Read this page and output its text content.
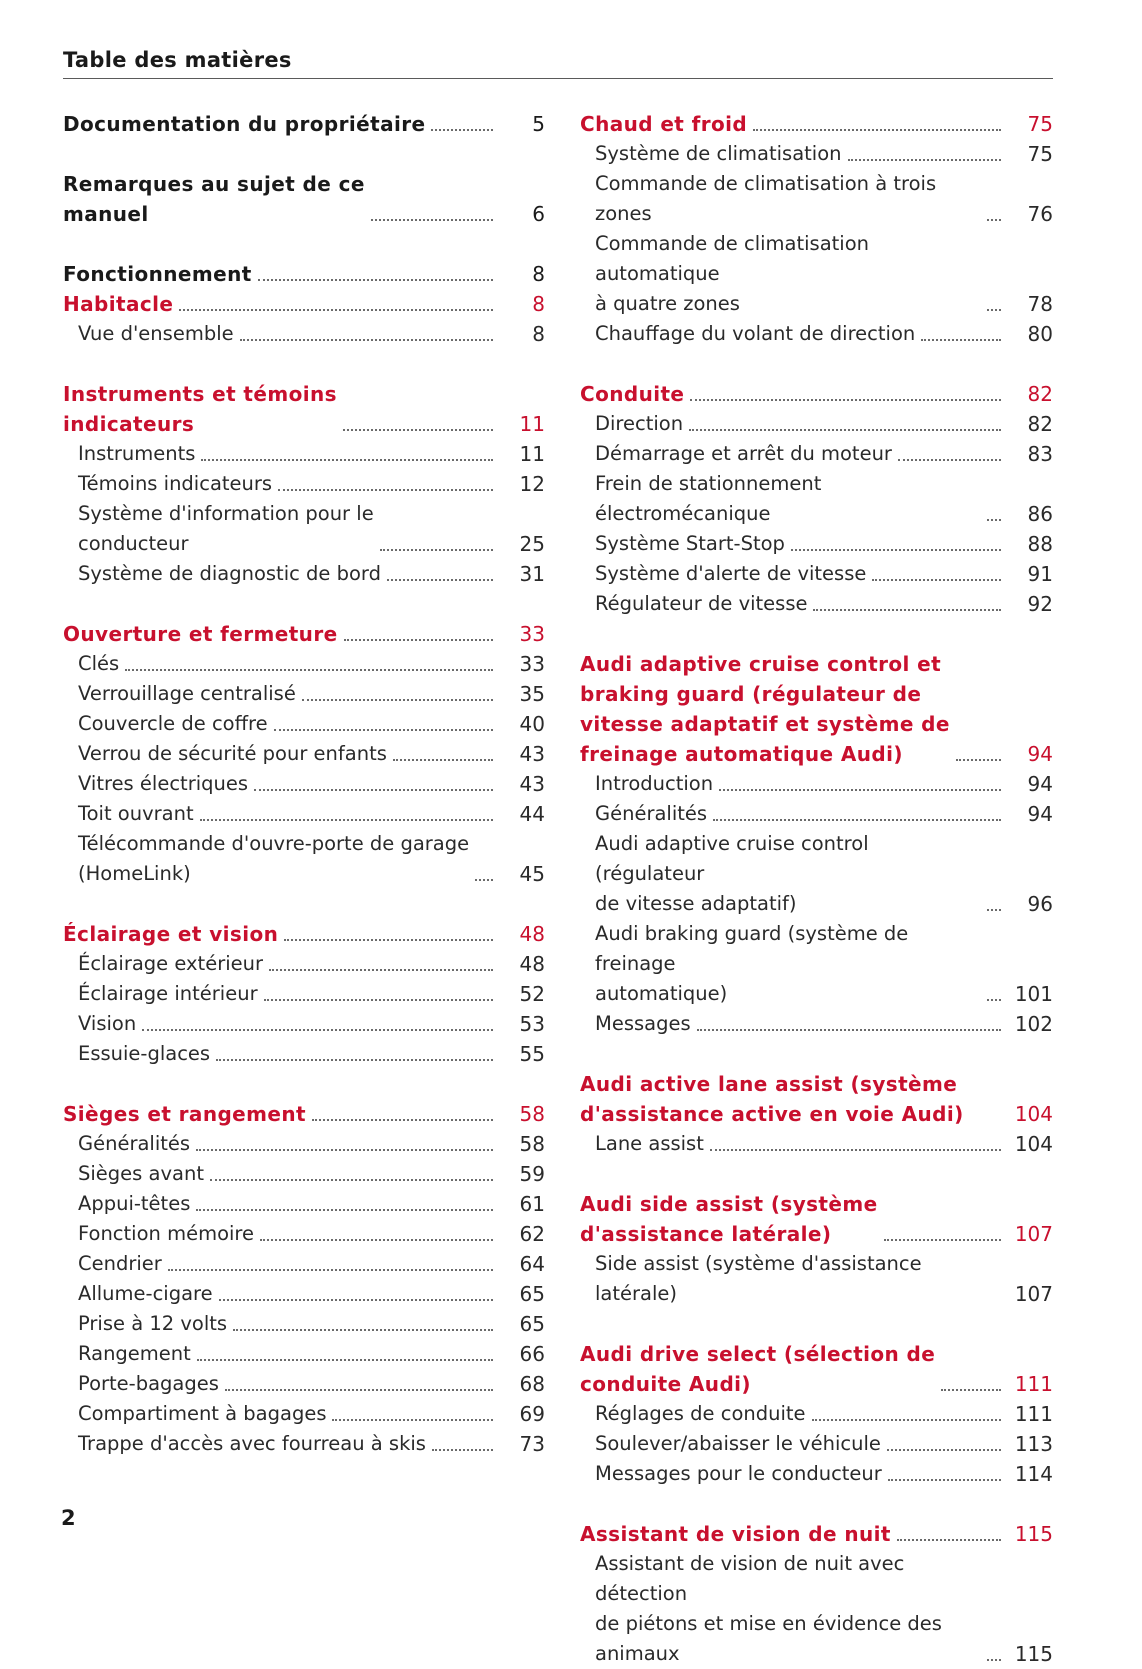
Table des matières
Documentation du propriétaire	5
Remarques au sujet de ce
manuel	6
Fonctionnement	8
Habitacle	8
Vue d'ensemble	8
Instruments et témoins
indicateurs	11
Instruments	11
Témoins indicateurs	12
Système d'information pour le
conducteur	25
Système de diagnostic de bord	31
Ouverture et fermeture	33
Clés	33
Verrouillage centralisé	35
Couvercle de coffre	40
Verrou de sécurité pour enfants	43
Vitres électriques	43
Toit ouvrant	44
Télécommande d'ouvre-porte de garage
(HomeLink)	45
Éclairage et vision	48
Éclairage extérieur	48
Éclairage intérieur	52
Vision	53
Essuie-glaces	55
Sièges et rangement	58
Généralités	58
Sièges avant	59
Appui-têtes	61
Fonction mémoire	62
Cendrier	64
Allume-cigare	65
Prise à 12 volts	65
Rangement	66
Porte-bagages	68
Compartiment à bagages	69
Trappe d'accès avec fourreau à skis	73
Chaud et froid	75
Système de climatisation	75
Commande de climatisation à trois zones	76
Commande de climatisation automatique
à quatre zones	78
Chauffage du volant de direction	80
Conduite	82
Direction	82
Démarrage et arrêt du moteur	83
Frein de stationnement électromécanique	86
Système Start-Stop	88
Système d'alerte de vitesse	91
Régulateur de vitesse	92
Audi adaptive cruise control et
braking guard (régulateur de
vitesse adaptatif et système de
freinage automatique Audi)	94
Introduction	94
Généralités	94
Audi adaptive cruise control (régulateur
de vitesse adaptatif)	96
Audi braking guard (système de freinage
automatique)	101
Messages	102
Audi active lane assist (système
d'assistance active en voie Audi)	104
Lane assist	104
Audi side assist (système
d'assistance latérale)	107
Side assist (système d'assistance latérale)	107
Audi drive select (sélection de
conduite Audi)	111
Réglages de conduite	111
Soulever/abaisser le véhicule	113
Messages pour le conducteur	114
Assistant de vision de nuit	115
Assistant de vision de nuit avec détection
de piétons et mise en évidence des
animaux	115
2
